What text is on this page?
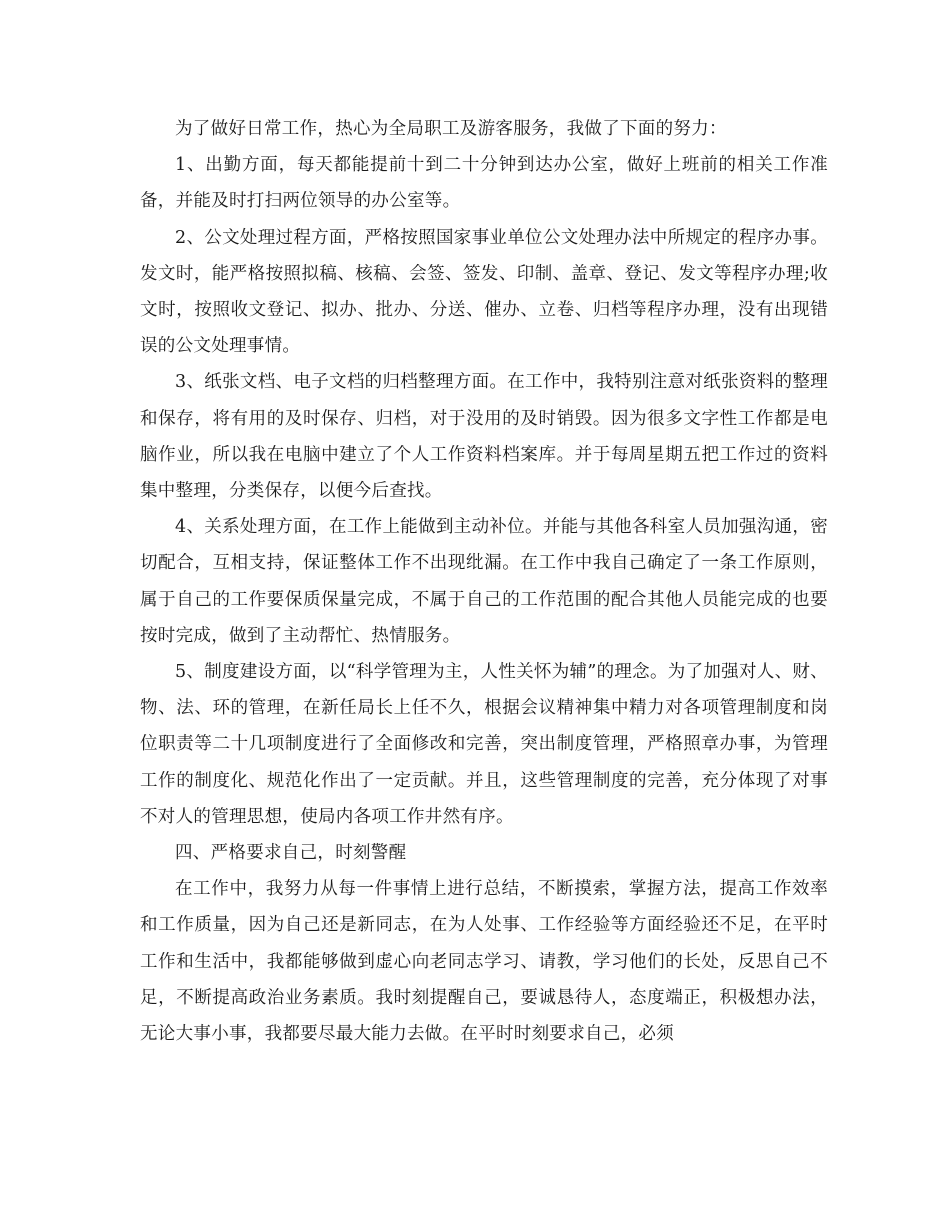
为了做好日常工作，热心为全局职工及游客服务，我做了下面的努力：

1、出勤方面，每天都能提前十到二十分钟到达办公室，做好上班前的相关工作准备，并能及时打扫两位领导的办公室等。

2、公文处理过程方面，严格按照国家事业单位公文处理办法中所规定的程序办事。发文时，能严格按照拟稿、核稿、会签、签发、印制、盖章、登记、发文等程序办理;收文时，按照收文登记、拟办、批办、分送、催办、立卷、归档等程序办理，没有出现错误的公文处理事情。

3、纸张文档、电子文档的归档整理方面。在工作中，我特别注意对纸张资料的整理和保存，将有用的及时保存、归档，对于没用的及时销毁。因为很多文字性工作都是电脑作业，所以我在电脑中建立了个人工作资料档案库。并于每周星期五把工作过的资料集中整理，分类保存，以便今后查找。

4、关系处理方面，在工作上能做到主动补位。并能与其他各科室人员加强沟通，密切配合，互相支持，保证整体工作不出现纰漏。在工作中我自己确定了一条工作原则，属于自己的工作要保质保量完成，不属于自己的工作范围的配合其他人员能完成的也要按时完成，做到了主动帮忙、热情服务。

5、制度建设方面，以“科学管理为主，人性关怀为辅”的理念。为了加强对人、财、物、法、环的管理，在新任局长上任不久，根据会议精神集中精力对各项管理制度和岗位职责等二十几项制度进行了全面修改和完善，突出制度管理，严格照章办事，为管理工作的制度化、规范化作出了一定贡献。并且，这些管理制度的完善，充分体现了对事不对人的管理思想，使局内各项工作井然有序。

四、严格要求自己，时刻警醒

在工作中，我努力从每一件事情上进行总结，不断摸索，掌握方法，提高工作效率和工作质量，因为自己还是新同志，在为人处事、工作经验等方面经验还不足，在平时工作和生活中，我都能够做到虚心向老同志学习、请教，学习他们的长处，反思自己不足，不断提高政治业务素质。我时刻提醒自己，要诚恳待人，态度端正，积极想办法，无论大事小事，我都要尽最大能力去做。在平时时刻要求自己，必须
